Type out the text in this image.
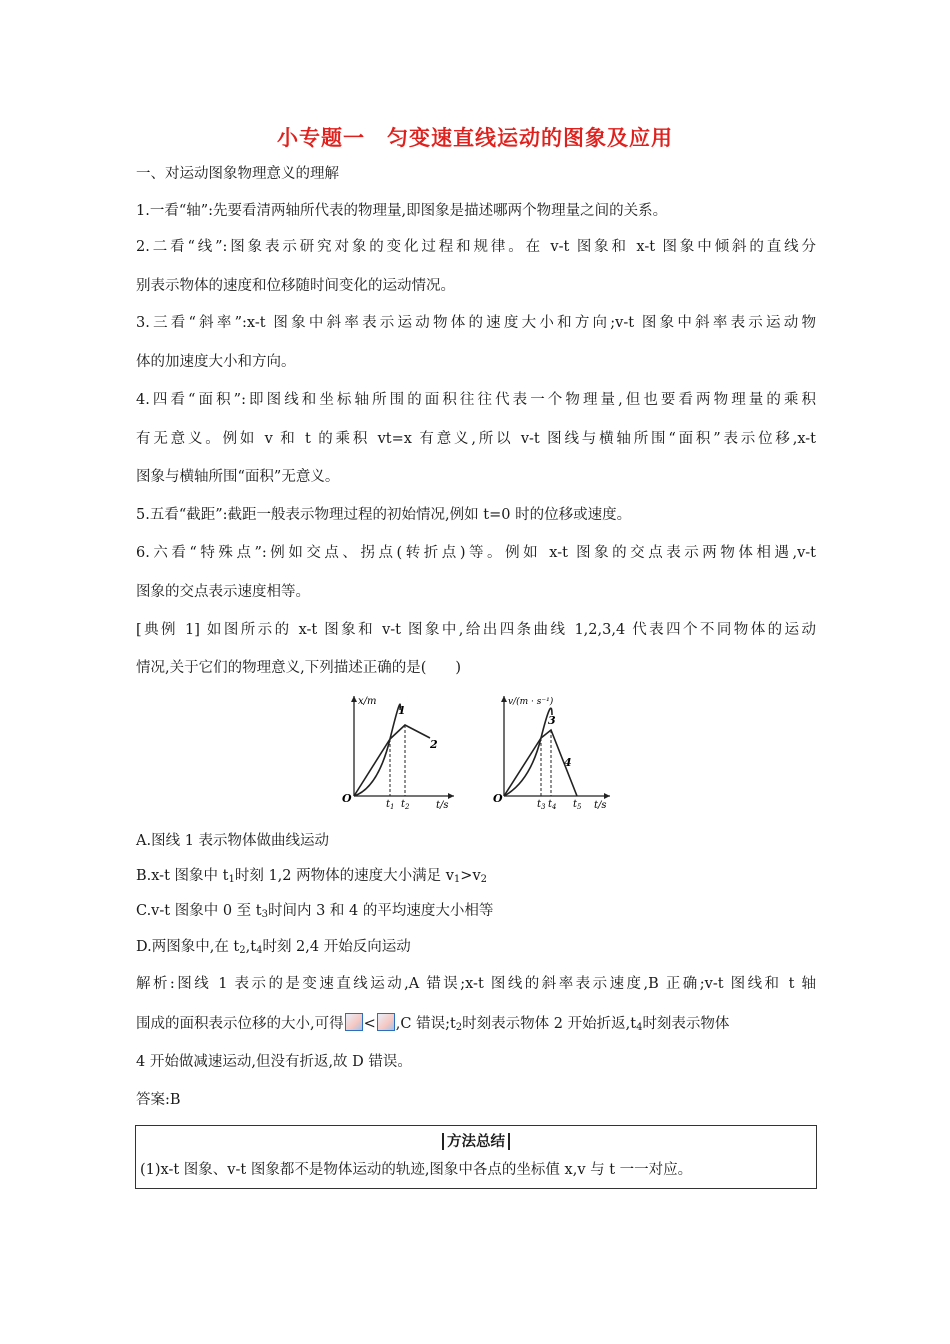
小专题一　匀变速直线运动的图象及应用
一、对运动图象物理意义的理解
1.一看“轴”:先要看清两轴所代表的物理量,即图象是描述哪两个物理量之间的关系。
2.二看“线”:图象表示研究对象的变化过程和规律。在 v-t 图象和 x-t 图象中倾斜的直线分
别表示物体的速度和位移随时间变化的运动情况。
3.三看“斜率”:x-t 图象中斜率表示运动物体的速度大小和方向;v-t 图象中斜率表示运动物
体的加速度大小和方向。
4.四看“面积”:即图线和坐标轴所围的面积往往代表一个物理量,但也要看两物理量的乘积
有无意义。例如 v 和 t 的乘积 vt=x 有意义,所以 v-t 图线与横轴所围“面积”表示位移,x-t
图象与横轴所围“面积”无意义。
5.五看“截距”:截距一般表示物理过程的初始情况,例如 t=0 时的位移或速度。
6.六看“特殊点”:例如交点、拐点(转折点)等。例如 x-t 图象的交点表示两物体相遇,v-t
图象的交点表示速度相等。
[典例 1] 如图所示的 x-t 图象和 v-t 图象中,给出四条曲线 1,2,3,4 代表四个不同物体的运动
情况,关于它们的物理意义,下列描述正确的是(　　)
x/m
t/s
O
1
2
$t_1$ $t_2$
v/(m · s⁻¹)
t/s
O
3
4
$t_3$ $t_4$ $t_5$
A.图线 1 表示物体做曲线运动
B.x-t 图象中 $t_1$时刻 1,2 两物体的速度大小满足 $v_1>v_2$
C.v-t 图象中 0 至 $t_3$时间内 3 和 4 的平均速度大小相等
D.两图象中,在 $t_2,t_4$时刻 2,4 开始反向运动
解析:图线 1 表示的是变速直线运动,A 错误;x-t 图线的斜率表示速度,B 正确;v-t 图线和 t 轴
围成的面积表示位移的大小,可得 < ,C 错误$;t_2$时刻表示物体 2 开始折返$,t_4$时刻表示物体
4 开始做减速运动,但没有折返,故 D 错误。
答案:B
方法总结
(1)x-t 图象、v-t 图象都不是物体运动的轨迹,图象中各点的坐标值 x,v 与 t 一一对应。
